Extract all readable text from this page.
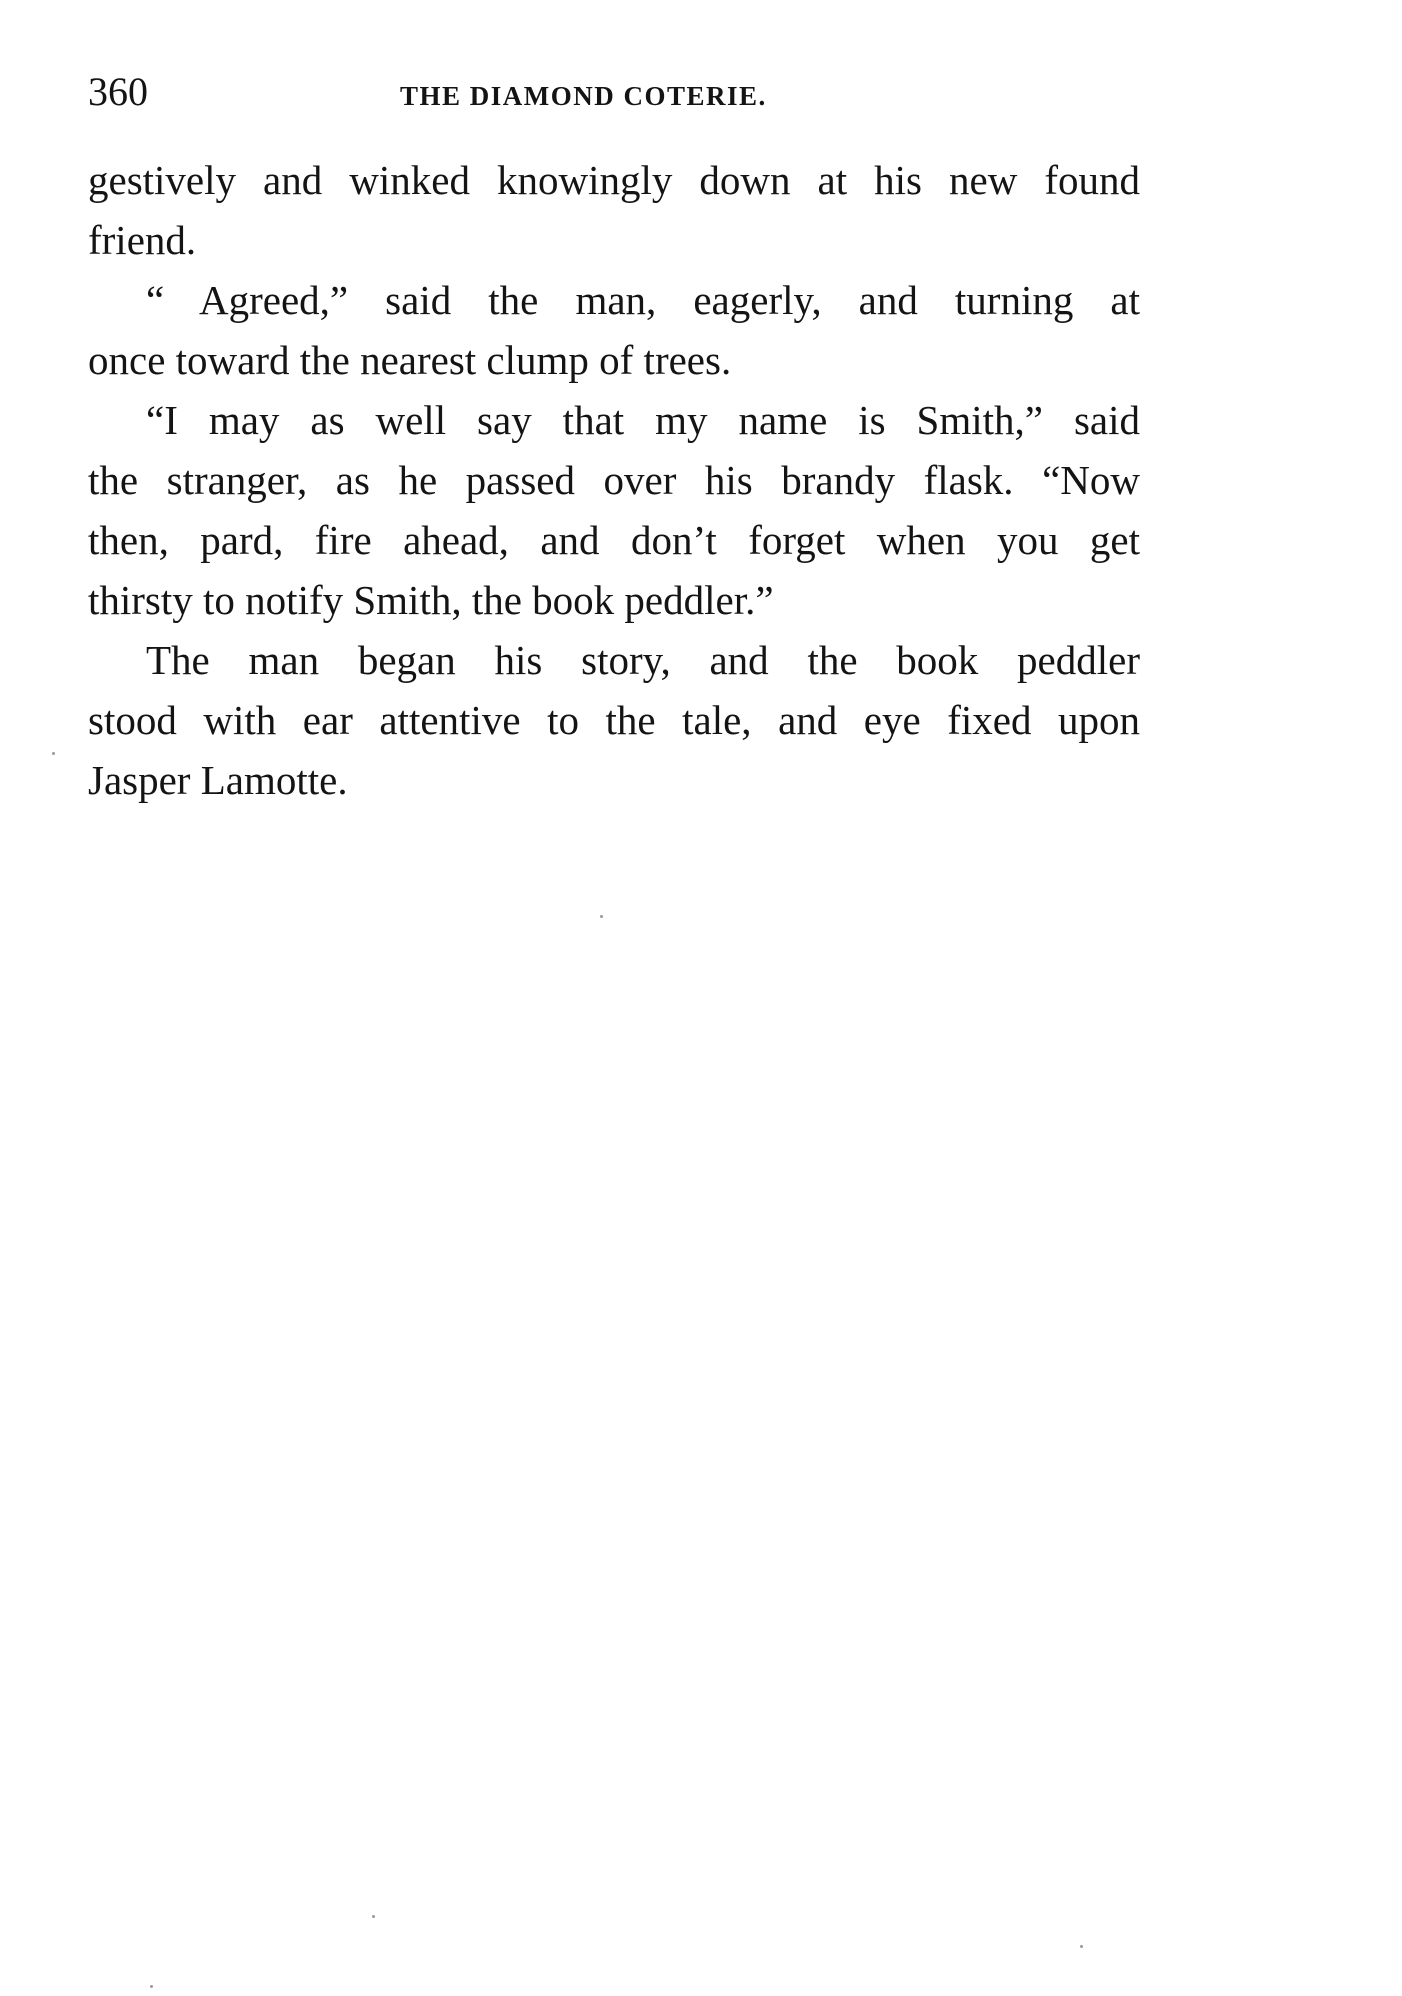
360	THE DIAMOND COTERIE.

gestively and winked knowingly down at his new found

friend.

“ Agreed,” said the man, eagerly, and turning at

once toward the nearest clump of trees.

“I may as well say that my name is Smith,” said

the stranger, as he passed over his brandy flask. “Now

then, pard, fire ahead, and don’t forget when you get

thirsty to notify Smith, the book peddler.”

The man began his story, and the book peddler

stood with ear attentive to the tale, and eye fixed upon

Jasper Lamotte.
